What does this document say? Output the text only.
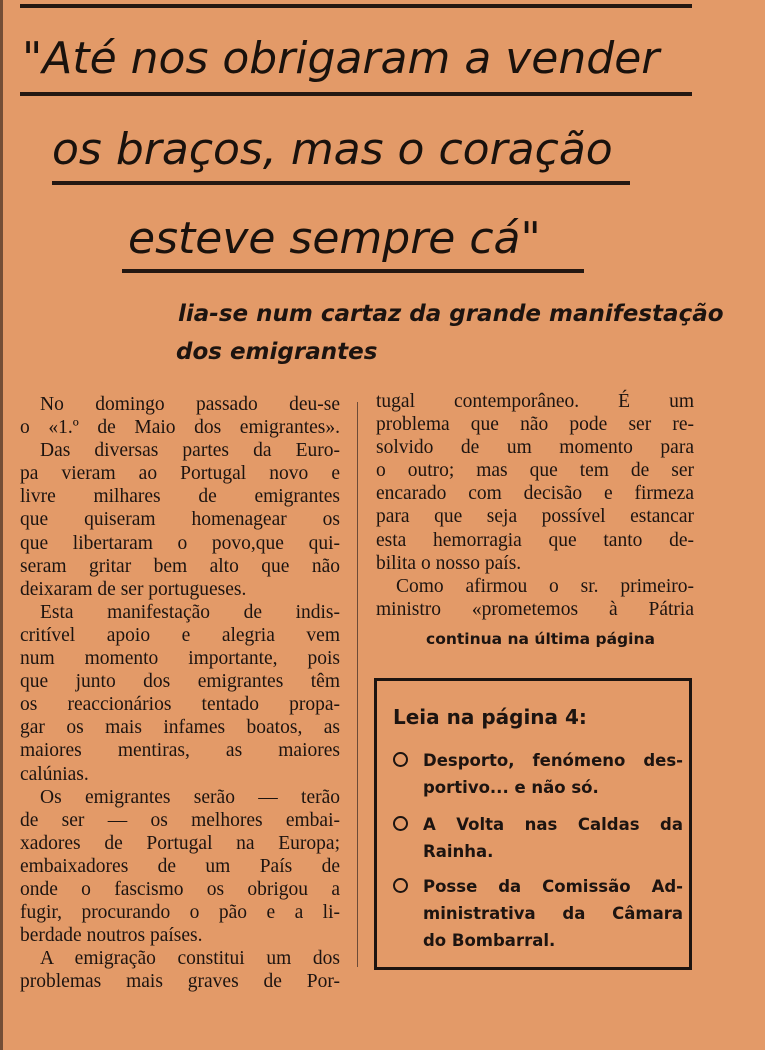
"Até nos obrigaram a vender
os braços, mas o coração
esteve sempre cá"
lia-se num cartaz da grande manifestação
dos emigrantes

No domingo passado deu-se

o «1.º de Maio dos emigrantes».

Das diversas partes da Euro-

pa vieram ao Portugal novo e

livre milhares de emigrantes

que quiseram homenagear os

que libertaram o povo,que qui-

seram gritar bem alto que não

deixaram de ser portugueses.

Esta manifestação de indis-

critível apoio e alegria vem

num momento importante, pois

que junto dos emigrantes têm

os reaccionários tentado propa-

gar os mais infames boatos, as

maiores mentiras, as maiores

calúnias.

Os emigrantes serão — terão

de ser — os melhores embai-

xadores de Portugal na Europa;

embaixadores de um País de

onde o fascismo os obrigou a

fugir, procurando o pão e a li-

berdade noutros países.

A emigração constitui um dos

problemas mais graves de Por-

tugal contemporâneo. É um

problema que não pode ser re-

solvido de um momento para

o outro; mas que tem de ser

encarado com decisão e firmeza

para que seja possível estancar

esta hemorragia que tanto de-

bilita o nosso país.

Como afirmou o sr. primeiro-

ministro «prometemos à Pátria

continua na última página
Leia na página 4:
Desporto, fenómeno des-
portivo... e não só.
A Volta nas Caldas da
Rainha.
Posse da Comissão Ad-
ministrativa da Câmara
do Bombarral.
